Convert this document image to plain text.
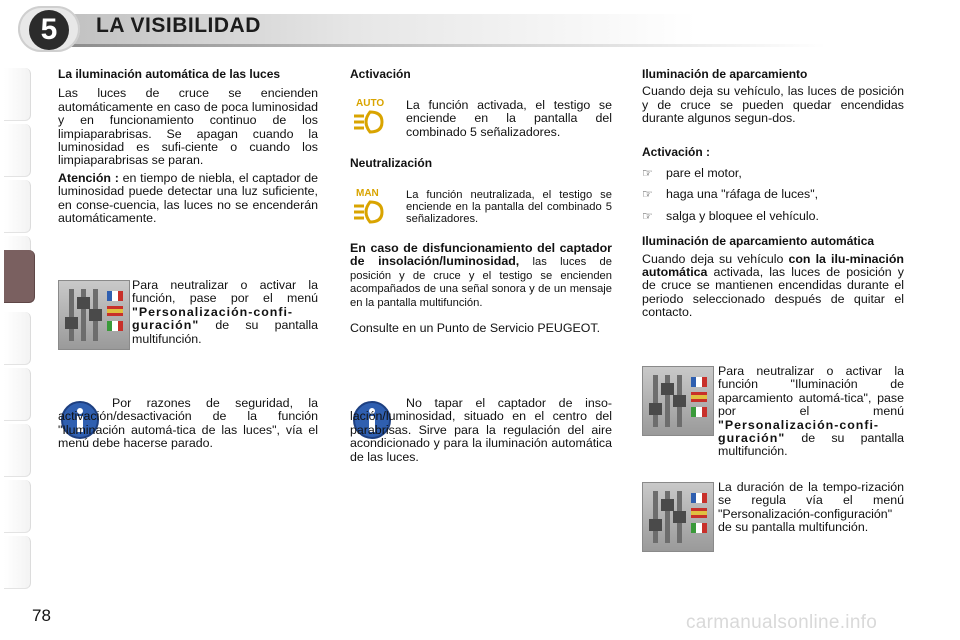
5	LA VISIBILIDAD

La iluminación automática de las luces

Las luces de cruce se encienden automáticamente en caso de poca luminosidad y en funcionamiento continuo de los limpiaparabrisas. Se apagan cuando la luminosidad es sufi-ciente o cuando los limpiaparabrisas se paran.

Atención : en tiempo de niebla, el captador de luminosidad puede detectar una luz suficiente, en conse-cuencia, las luces no se encenderán automáticamente.

Para neutralizar o activar la función, pase por el menú "Personalización-confi-guración" de su pantalla multifunción.
Por razones de seguridad, la activación/desactivación de la función "Iluminación automá-tica de las luces", vía el menú debe hacerse parado.

Activación

AUTO La función activada, el testigo se enciende en la pantalla del combinado 5 señalizadores.

Neutralización

MAN La función neutralizada, el testigo se enciende en la pantalla del combinado 5 señalizadores.
En caso de disfuncionamiento del captador de insolación/luminosidad, las luces de posición y de cruce y el testigo se encienden acompañados de una señal sonora y de un mensaje en la pantalla multifunción.
Consulte en un Punto de Servicio PEUGEOT.
No tapar el captador de inso-lación/luminosidad, situado en el centro del parabrisas. Sirve para la regulación del aire acondicionado y para la iluminación automática de las luces.

Iluminación de aparcamiento

Cuando deja su vehículo, las luces de posición y de cruce se pueden quedar encendidas durante algunos segun-dos.

Activación :

☞	pare el motor,
☞	haga una "ráfaga de luces",
☞	salga y bloquee el vehículo.

Iluminación de aparcamiento automática

Cuando deja su vehículo con la ilu-minación automática activada, las luces de posición y de cruce se mantienen encendidas durante el periodo seleccionado después de quitar el contacto.

Para neutralizar o activar la función "Iluminación de aparcamiento automá-tica", pase por el menú "Personalización-confi-guración" de su pantalla multifunción.
La duración de la tempo-rización se regula vía el menú "Personalización-configuración" de su pantalla multifunción.
78	carmanualsonline.info
